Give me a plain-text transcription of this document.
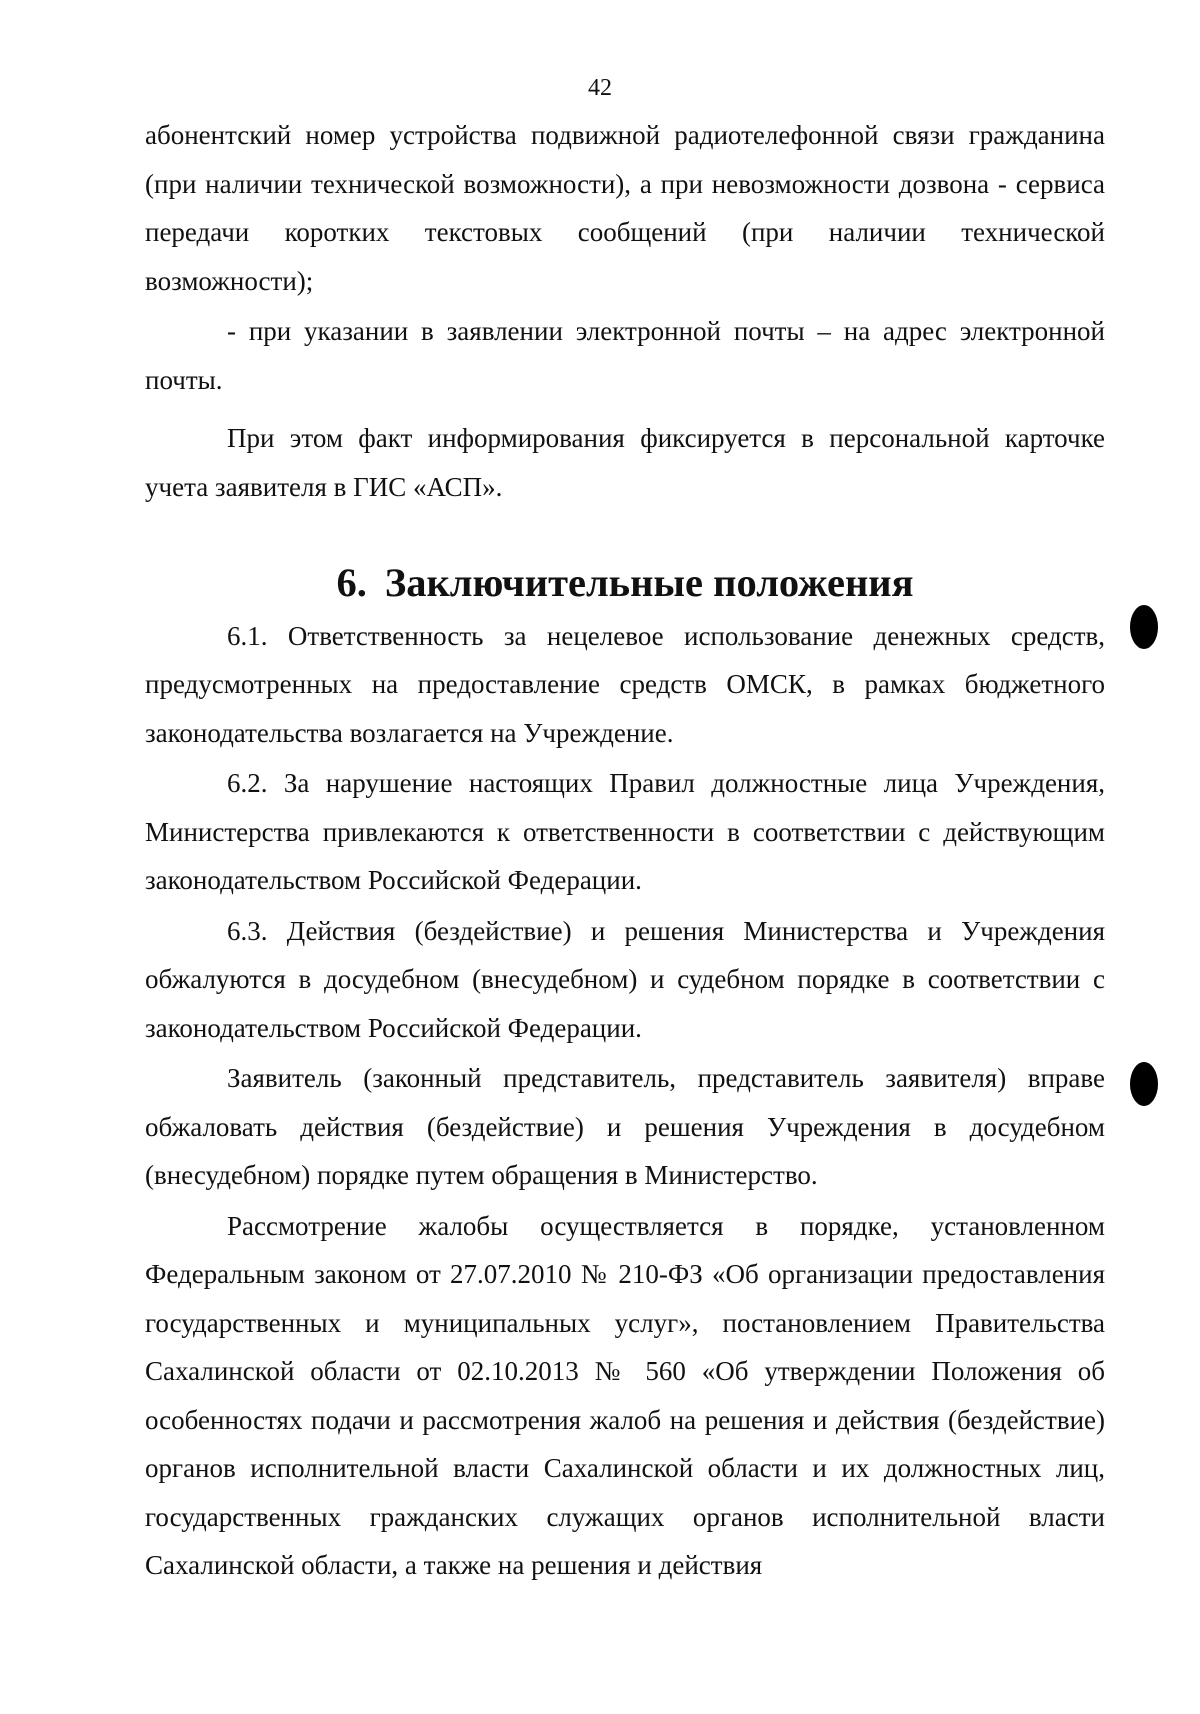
42

абонентский номер устройства подвижной радиотелефонной связи гражданина (при наличии технической возможности), а при невозможности дозвона - сервиса передачи коротких текстовых сообщений (при наличии технической возможности);

- при указании в заявлении электронной почты – на адрес электронной почты.

При этом факт информирования фиксируется в персональной карточке учета заявителя в ГИС «АСП».

6. Заключительные положения

6.1. Ответственность за нецелевое использование денежных средств, предусмотренных на предоставление средств ОМСК, в рамках бюджетного законодательства возлагается на Учреждение.

6.2. За нарушение настоящих Правил должностные лица Учреждения, Министерства привлекаются к ответственности в соответствии с действующим законодательством Российской Федерации.

6.3. Действия (бездействие) и решения Министерства и Учреждения обжалуются в досудебном (внесудебном) и судебном порядке в соответствии с законодательством Российской Федерации.

Заявитель (законный представитель, представитель заявителя) вправе обжаловать действия (бездействие) и решения Учреждения в досудебном (внесудебном) порядке путем обращения в Министерство.

Рассмотрение жалобы осуществляется в порядке, установленном Федеральным законом от 27.07.2010 № 210-ФЗ «Об организации предоставления государственных и муниципальных услуг», постановлением Правительства Сахалинской области от 02.10.2013 № 560 «Об утверждении Положения об особенностях подачи и рассмотрения жалоб на решения и действия (бездействие) органов исполнительной власти Сахалинской области и их должностных лиц, государственных гражданских служащих органов исполнительной власти Сахалинской области, а также на решения и действия
